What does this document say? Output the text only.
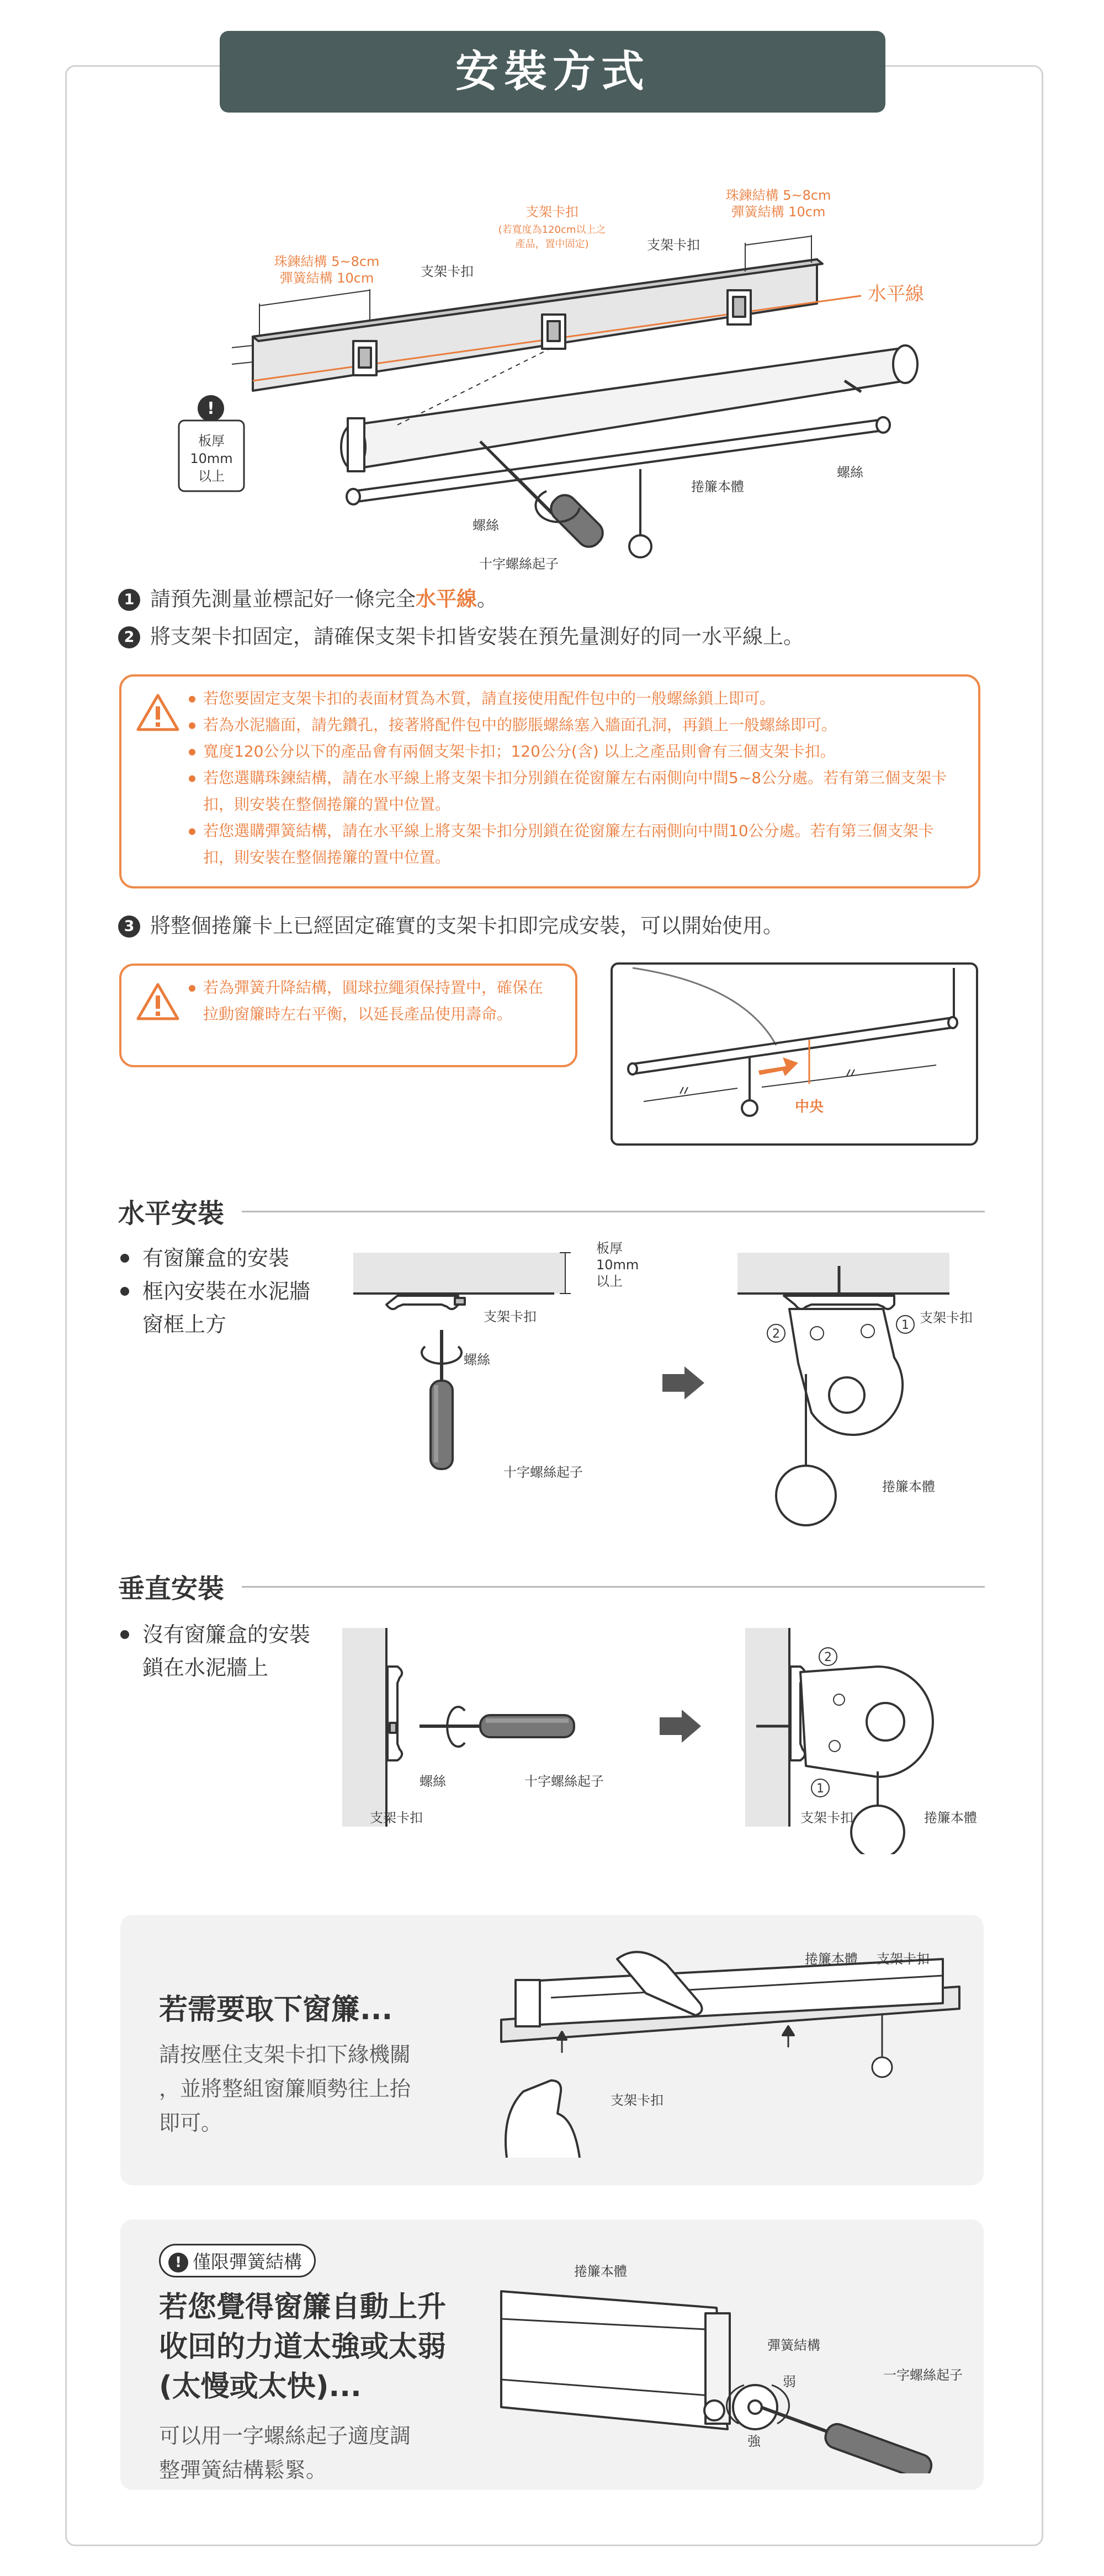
安裝方式
!
板厚
10mm
以上
珠鍊結構 5~8cm
彈簧結構 10cm	支架卡扣
支架卡扣
(若寬度為120cm以上之
產品，置中固定)	支架卡扣
珠鍊結構 5~8cm
彈簧結構 10cm
水平線
螺絲
捲簾本體
螺絲
十字螺絲起子
1 請預先測量並標記好一條完全水平線。
2 將支架卡扣固定，請確保支架卡扣皆安裝在預先量測好的同一水平線上。
若您要固定支架卡扣的表面材質為木質，請直接使用配件包中的一般螺絲鎖上即可。
若為水泥牆面，請先鑽孔，接著將配件包中的膨脹螺絲塞入牆面孔洞，再鎖上一般螺絲即可。
寬度120公分以下的產品會有兩個支架卡扣；120公分(含) 以上之產品則會有三個支架卡扣。
若您選購珠鍊結構，請在水平線上將支架卡扣分別鎖在從窗簾左右兩側向中間5~8公分處。若有第三個支架卡扣，則安裝在整個捲簾的置中位置。
若您選購彈簧結構，請在水平線上將支架卡扣分別鎖在從窗簾左右兩側向中間10公分處。若有第三個支架卡扣，則安裝在整個捲簾的置中位置。
3 將整個捲簾卡上已經固定確實的支架卡扣即完成安裝，可以開始使用。
若為彈簧升降結構，圓球拉繩須保持置中，確保在拉動窗簾時左右平衡，以延長產品使用壽命。
中央
水平安裝
有窗簾盒的安裝
框內安裝在水泥牆
窗框上方
板厚
10mm
以上
支架卡扣
螺絲
十字螺絲起子
支架卡扣
捲簾本體
1
2
垂直安裝
沒有窗簾盒的安裝
鎖在水泥牆上
螺絲	十字螺絲起子
支架卡扣	支架卡扣	捲簾本體
1
2
若需要取下窗簾...
請按壓住支架卡扣下緣機關
，並將整組窗簾順勢往上抬
即可。
捲簾本體 支架卡扣
支架卡扣
! 僅限彈簧結構
若您覺得窗簾自動上升
收回的力道太強或太弱
(太慢或太快)...
可以用一字螺絲起子適度調
整彈簧結構鬆緊。
捲簾本體
彈簧結構
弱
強
一字螺絲起子
